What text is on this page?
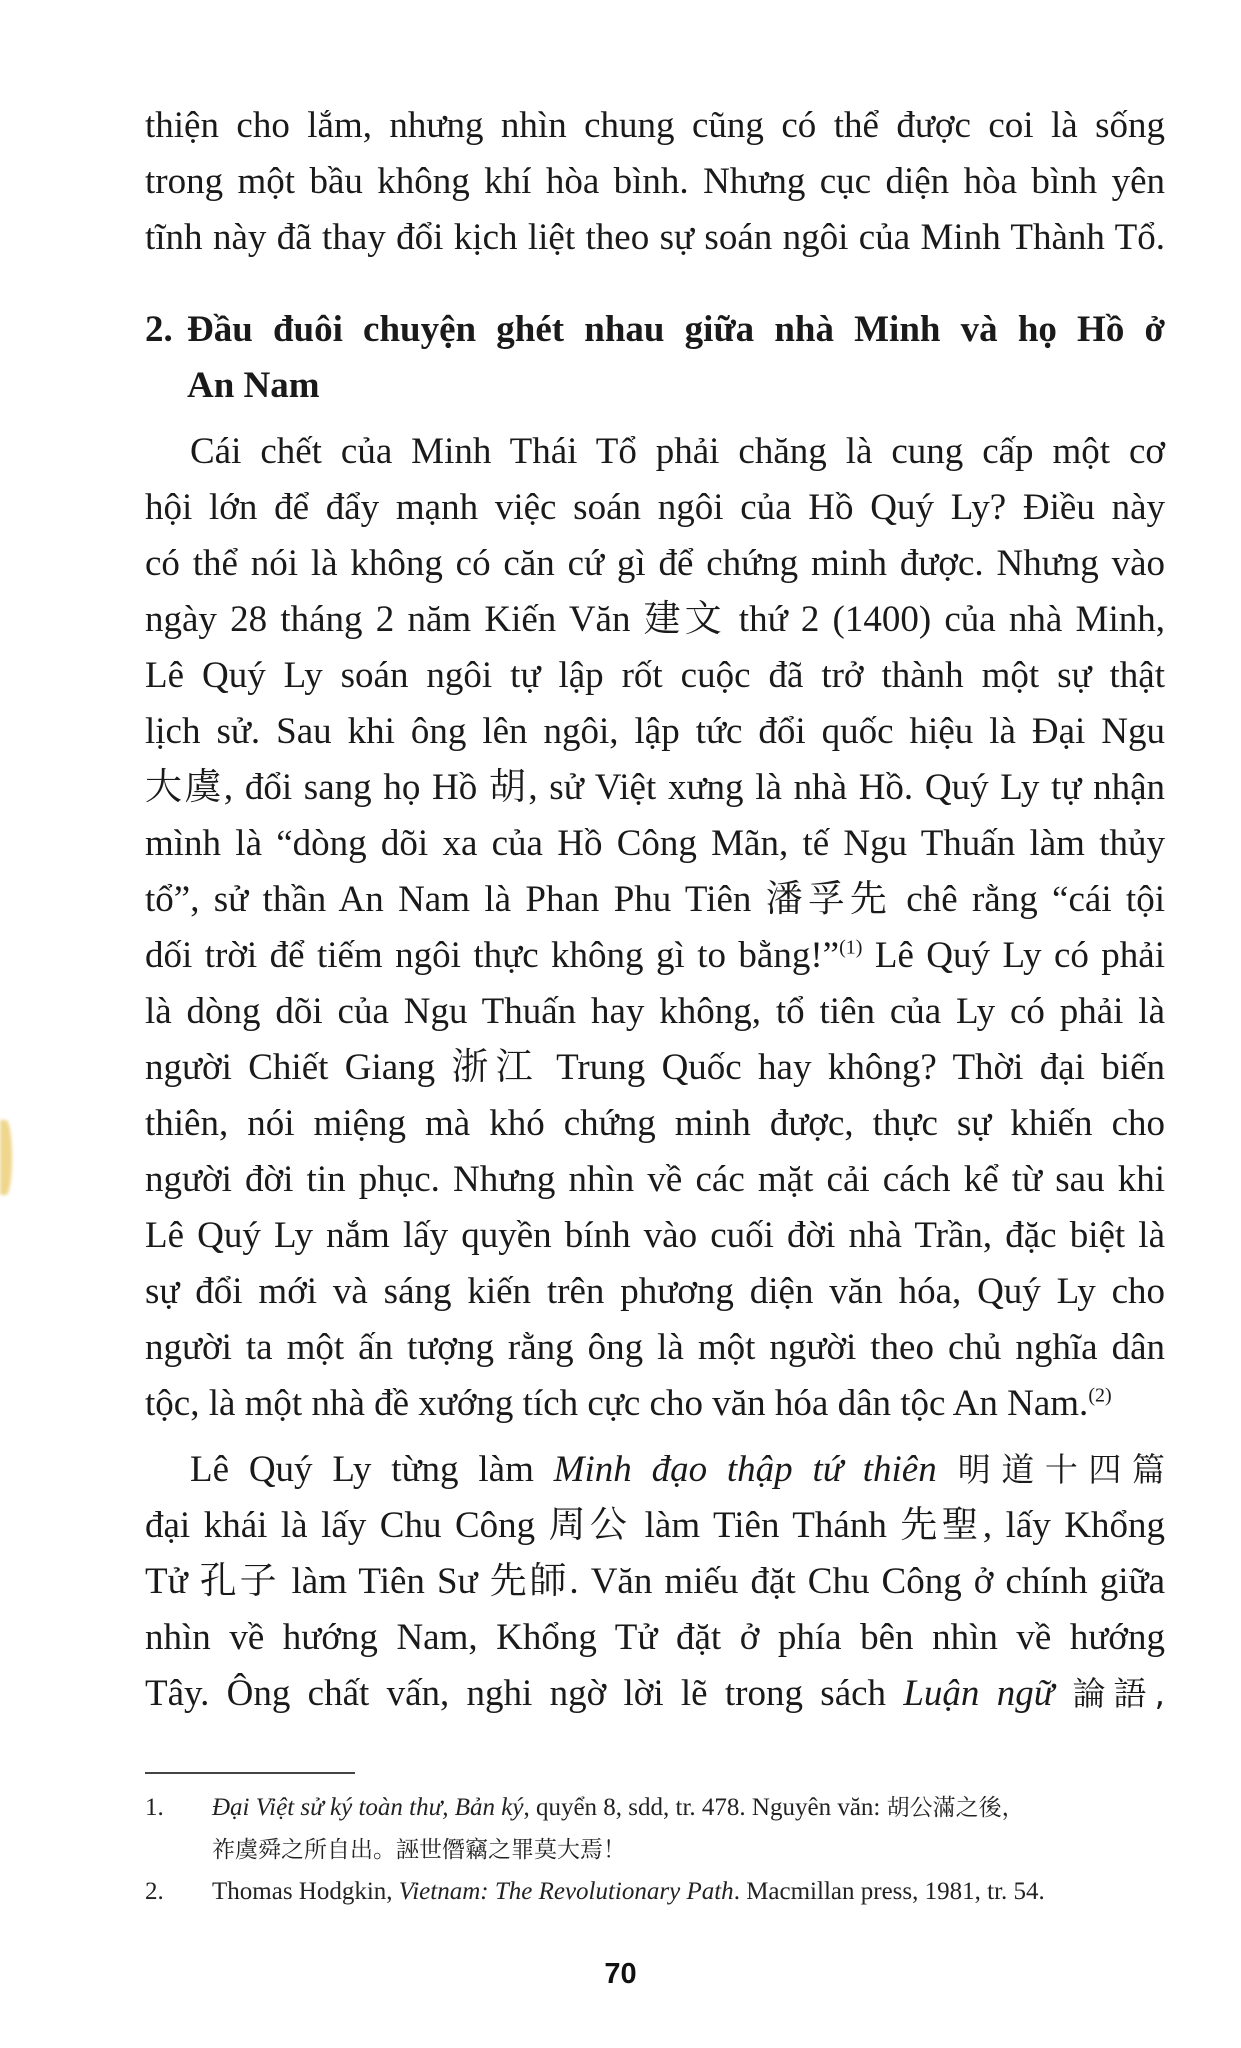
thiện cho lắm, nhưng nhìn chung cũng có thể được coi là sống
trong một bầu không khí hòa bình. Nhưng cục diện hòa bình yên
tĩnh này đã thay đổi kịch liệt theo sự soán ngôi của Minh Thành Tổ.
2. Đầu đuôi chuyện ghét nhau giữa nhà Minh và họ Hồ ở
An Nam
Cái chết của Minh Thái Tổ phải chăng là cung cấp một cơ
hội lớn để đẩy mạnh việc soán ngôi của Hồ Quý Ly? Điều này
có thể nói là không có căn cứ gì để chứng minh được. Nhưng vào
ngày 28 tháng 2 năm Kiến Văn 建文 thứ 2 (1400) của nhà Minh,
Lê Quý Ly soán ngôi tự lập rốt cuộc đã trở thành một sự thật
lịch sử. Sau khi ông lên ngôi, lập tức đổi quốc hiệu là Đại Ngu
大虞, đổi sang họ Hồ 胡, sử Việt xưng là nhà Hồ. Quý Ly tự nhận
mình là “dòng dõi xa của Hồ Công Mãn, tế Ngu Thuấn làm thủy
tổ”, sử thần An Nam là Phan Phu Tiên 潘孚先 chê rằng “cái tội
dối trời để tiếm ngôi thực không gì to bằng!”$^{(1)}$ Lê Quý Ly có phải
là dòng dõi của Ngu Thuấn hay không, tổ tiên của Ly có phải là
người Chiết Giang 浙江 Trung Quốc hay không? Thời đại biến
thiên, nói miệng mà khó chứng minh được, thực sự khiến cho
người đời tin phục. Nhưng nhìn về các mặt cải cách kể từ sau khi
Lê Quý Ly nắm lấy quyền bính vào cuối đời nhà Trần, đặc biệt là
sự đổi mới và sáng kiến trên phương diện văn hóa, Quý Ly cho
người ta một ấn tượng rằng ông là một người theo chủ nghĩa dân
tộc, là một nhà đề xướng tích cực cho văn hóa dân tộc An Nam.$^{(2)}$
Lê Quý Ly từng làm Minh đạo thập tứ thiên 明道十四篇
đại khái là lấy Chu Công 周公 làm Tiên Thánh 先聖, lấy Khổng
Tử 孔子 làm Tiên Sư 先師. Văn miếu đặt Chu Công ở chính giữa
nhìn về hướng Nam, Khổng Tử đặt ở phía bên nhìn về hướng
Tây. Ông chất vấn, nghi ngờ lời lẽ trong sách Luận ngữ 論語,
1. Đại Việt sử ký toàn thư, Bản ký, quyển 8, sdd, tr. 478. Nguyên văn: 胡公滿之後，
祚虞舜之所自出。誣世僭竊之罪莫大焉！
2. Thomas Hodgkin, Vietnam: The Revolutionary Path. Macmillan press, 1981, tr. 54.
70
